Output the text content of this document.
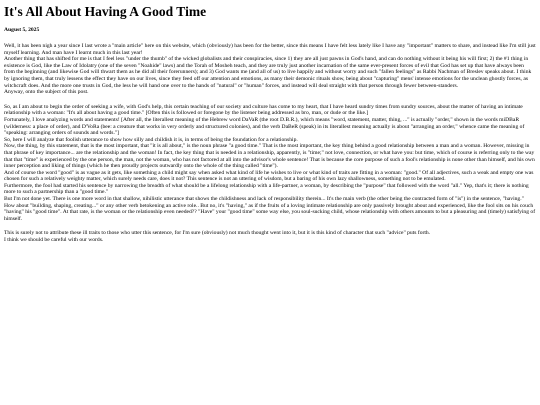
It's All About Having A Good Time
August 5, 2025

Well, it has been nigh a year since I last wrote a "main article" here on this website, which (obviously) has been for the better, since this means I have felt less lately like I have any "important" matters to share, and instead like I'm still just myself learning. And man have I learnt much in this last year!
Another thing that has shifted for me is that I feel less "under the thumb" of the wicked globalists and their conspiracies, since 1) they are all just pawns in God's hand, and can do nothing without it being his will first; 2) the #1 thing in existence is God, like the Law of Idolatry (one of the seven "Noahide" laws) and the Torah of Mosheh teach, and they are truly just another incarnation of the same ever-present forces of evil that God has set up that have always been from the beginning (and likewise God will thwart them as he did all their forerunners); and 3) God wants me (and all of us) to live happily and without worry and such "fallen feelings" as Rabbi Nachman of Breslev speaks about. I think by ignoring them, that truly lessens the effect they have on our lives, since they feed off our attention and emotions, as many their demonic rituals show, being about "capturing" mens' intense emotions for the unclean ghostly forces, as witchcraft does. And the more one trusts in God, the less he will hand one over to the hands of "natural" or "human" forces, and instead will deal straight with that person through fewer between-standers.
Anyway, onto the subject of this post.

So, as I am about to begin the order of seeking a wife, with God's help, this certain teaching of our society and culture has come to my heart, that I have heard sundry times from sundry sources, about the matter of having an intimate relationship with a woman: "It's all about having a good time." [Often this is followed or foregone by the listener being addressed as bro, man, or dude or the like.]
Fortunately, I love analyzing words and statements! [After all, the literallest meaning of the Hebrew word DaVaR (the root D.B.R.), which means "word, statement, matter, thing, ..." is actually "order," shown in the words miDBaR (wilderness: a place of order), and D'VoRa (bee: a creature that works in very orderly and structured colonies), and the verb DaBeR (speak) in its literallest meaning actually is about "arranging an order," whence came the meaning of "speaking: arranging orders of sounds and words."]
So, here I will analyze that foolish utterance to show how silly and childish it is, in terms of being the foundation for a relationship.
Now, the thing, by this statement, that is the most important, that "it is all about," is the noun phrase "a good time." That is the most important, the key thing behind a good relationship between a man and a woman. However, missing in that phrase of key importance... are the relationship and the woman! In fact, the key thing that is needed in a relationship, apparently, is "time;" not love, connection, or what have you: but time, which of course is referring only to the way that that "time" is experienced by the one person, the man, not the woman, who has not factored at all into the advisor's whole sentence! That is because the core purpose of such a fool's relationship is none other than himself, and his own inner perception and liking of things (which he then proudly projects outwardly onto the whole of the thing called "time").
And of course the word "good" is as vague as it gets, like something a child might say when asked what kind of life he wishes to live or what kind of traits are fitting in a woman: "good." Of all adjectives, such a weak and empty one was chosen for such a relatively weighty matter, which surely needs care, does it not? This sentence is not an uttering of wisdom, but a baring of his own lazy shallowness, something not to be emulated.
Furthermore, the fool had started his sentence by narrowing the breadth of what should be a lifelong relationship with a life-partner, a woman, by describing the "purpose" that followed with the word "all." Yep, that's it; there is nothing more to such a partnership than a "good time."
But I'm not done yet. There is one more word in that shallow, nihilistic utterance that shows the childishness and lack of responsibility therein... It's the main verb (the other being the contracted form of "is") in the sentence, "having." How about "building, shaping, creating..." or any other verb betokening an active role.. But no, it's "having," as if the fruits of a loving intimate relationship are only passively brought about and experienced, like the fool sits on his couch "having" his "good time". At that rate, is the woman or the relationship even needed?? "Have" your "good time" some way else, you soul-sucking child, whose relationship with others amounts to but a pleasuring and (timely) satisfying of himself.

This is surely not to attribute these ill traits to those who utter this sentence, for I'm sure (obviously) not much thought went into it, but it is this kind of character that such "advice" puts forth.
I think we should be careful with our words.
